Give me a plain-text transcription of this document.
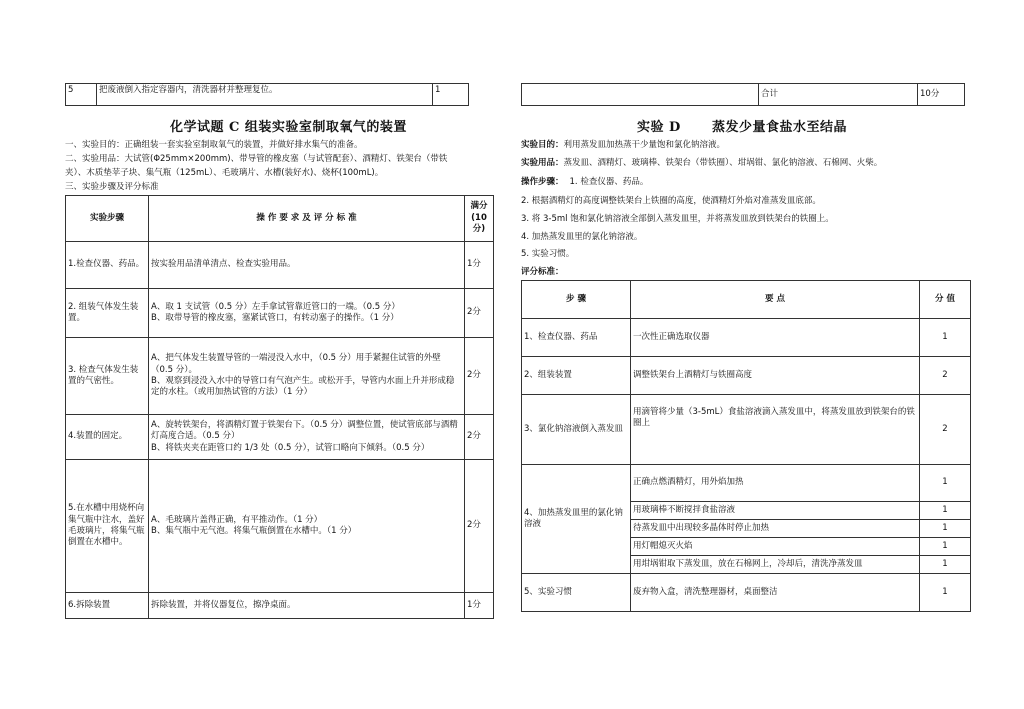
5	把废液倒入指定容器内，清洗器材并整理复位。	1
		合计	10分
化学试题 C 组装实验室制取氧气的装置
一、实验目的：正确组装一套实验室制取氧气的装置，并做好排水集气的准备。
二、实验用品：大试管(Φ25mm×200mm)、带导管的橡皮塞（与试管配套）、酒精灯、铁架台（带铁
夹）、木质垫苹子块、集气瓶（125mL）、毛玻璃片、水槽(装好水)、烧杯(100mL)。
三、实验步骤及评分标准
实验步骤	操 作 要 求 及 评 分 标 准	满分
(10分)

1.检查仪器、药品。	按实验用品清单清点、检查实验用品。	1分
2. 组装气体发生装置。	A、取 1 支试管（0.5 分）左手拿试管靠近管口的一端。（0.5 分）
B、取带导管的橡皮塞，塞紧试管口，有转动塞子的操作。（1 分）	2分
3. 检查气体发生装置的气密性。	A、把气体发生装置导管的一端浸没入水中，（0.5 分）用手紧握住试管的外壁（0.5 分）。
B、观察到浸没入水中的导管口有气泡产生。或松开手，导管内水面上升并形成稳定的水柱。（或用加热试管的方法）（1 分）	2分
4.装置的固定。	A、旋转铁架台，将酒精灯置于铁架台下。（0.5 分）调整位置，使试管底部与酒精灯高度合适。（0.5 分）
B、将铁夹夹在距管口约 1/3 处（0.5 分），试管口略向下倾斜。（0.5 分）	2分
5.在水槽中用烧杯向集气瓶中注水，盖好毛玻璃片，将集气瓶倒置在水槽中。	A、毛玻璃片盖得正确，有平推动作。（1 分）
B、集气瓶中无气泡。将集气瓶倒置在水槽中。（1 分）	2分
6.拆除装置	拆除装置，并将仪器复位，擦净桌面。	1分
实验 D 蒸发少量食盐水至结晶
实验目的：利用蒸发皿加热蒸干少量饱和氯化钠溶液。
实验用品：蒸发皿、酒精灯、玻璃棒、铁架台（带铁圈）、坩埚钳、氯化钠溶液、石棉网、火柴。
操作步骤： 1. 检查仪器、药品。
2. 根据酒精灯的高度调整铁架台上铁圈的高度，使酒精灯外焰对准蒸发皿底部。
3. 将 3-5ml 饱和氯化钠溶液全部倒入蒸发皿里，并将蒸发皿放到铁架台的铁圈上。
4. 加热蒸发皿里的氯化钠溶液。
5. 实验习惯。
评分标准：
步 骤	要 点	分 值
1、检查仪器、药品	一次性正确选取仪器	1
2、组装装置	调整铁架台上酒精灯与铁圈高度	2
3、氯化钠溶液倒入蒸发皿	用滴管将少量（3-5mL）食盐溶液滴入蒸发皿中，将蒸发皿放到铁架台的铁圈上	2
4、加热蒸发皿里的氯化钠溶液	正确点燃酒精灯，用外焰加热	1
	用玻璃棒不断搅拌食盐溶液	1
	待蒸发皿中出现较多晶体时停止加热	1
	用灯帽熄灭火焰	1
	用坩埚钳取下蒸发皿，放在石棉网上，冷却后，清洗净蒸发皿	1
5、实验习惯	废弃物入盒，清洗整理器材，桌面整洁	1
